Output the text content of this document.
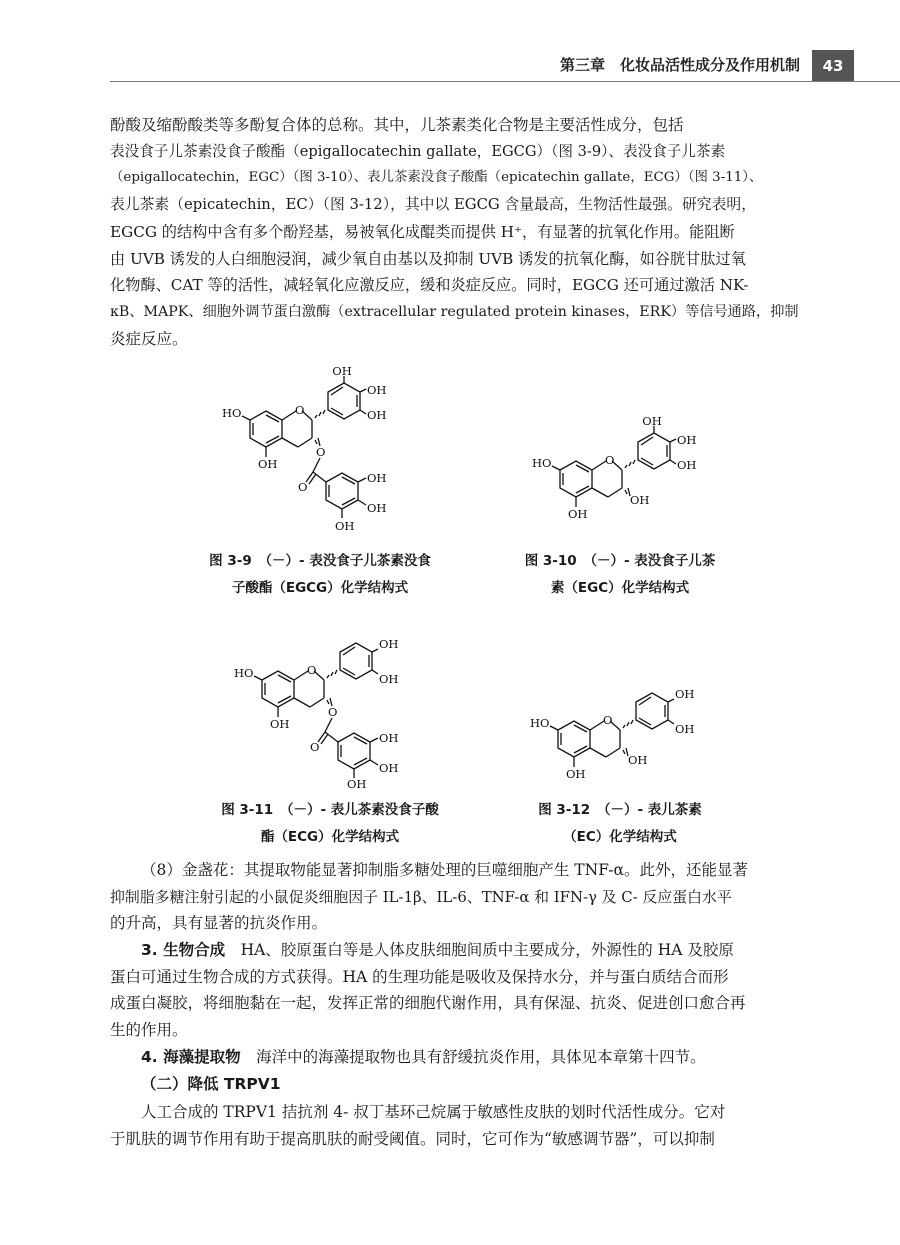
第三章　化妆品活性成分及作用机制	43
酚酸及缩酚酸类等多酚复合体的总称。其中，儿茶素类化合物是主要活性成分，包括
表没食子儿茶素没食子酸酯（epigallocatechin gallate，EGCG）（图 3-9）、表没食子儿茶素
（epigallocatechin，EGC）（图 3-10）、表儿茶素没食子酸酯（epicatechin gallate，ECG）（图 3-11）、
表儿茶素（epicatechin，EC）（图 3-12），其中以 EGCG 含量最高，生物活性最强。研究表明，
EGCG 的结构中含有多个酚羟基，易被氧化成醌类而提供 H⁺，有显著的抗氧化作用。能阻断
由 UVB 诱发的人白细胞浸润，减少氧自由基以及抑制 UVB 诱发的抗氧化酶，如谷胱甘肽过氧
化物酶、CAT 等的活性，减轻氧化应激反应，缓和炎症反应。同时，EGCG 还可通过激活 NK-
κB、MAPK、细胞外调节蛋白激酶（extracellular regulated protein kinases，ERK）等信号通路，抑制
炎症反应。
OH
OH
OH
HO
OH
O
O
O
OH
OH
OH
OH
OH
OH
HO
OH
O
OH
图 3-9　（－）- 表没食子儿茶素没食
子酸酯（EGCG）化学结构式
图 3-10　（－）- 表没食子儿茶
素（EGC）化学结构式
OH
OH
HO
OH
O
O
O
OH
OH
OH
OH
OH
HO
OH
O
OH
图 3-11　（－）- 表儿茶素没食子酸
酯（ECG）化学结构式
图 3-12　（－）- 表儿茶素
（EC）化学结构式
（8）金盏花：其提取物能显著抑制脂多糖处理的巨噬细胞产生 TNF-α。此外，还能显著
抑制脂多糖注射引起的小鼠促炎细胞因子 IL-1β、IL-6、TNF-α 和 IFN-γ 及 C- 反应蛋白水平
的升高，具有显著的抗炎作用。
3. 生物合成　HA、胶原蛋白等是人体皮肤细胞间质中主要成分，外源性的 HA 及胶原
蛋白可通过生物合成的方式获得。HA 的生理功能是吸收及保持水分，并与蛋白质结合而形
成蛋白凝胶，将细胞黏在一起，发挥正常的细胞代谢作用，具有保湿、抗炎、促进创口愈合再
生的作用。
4. 海藻提取物　海洋中的海藻提取物也具有舒缓抗炎作用，具体见本章第十四节。
（二）降低 TRPV1
人工合成的 TRPV1 拮抗剂 4- 叔丁基环己烷属于敏感性皮肤的划时代活性成分。它对
于肌肤的调节作用有助于提高肌肤的耐受阈值。同时，它可作为“敏感调节器”，可以抑制
